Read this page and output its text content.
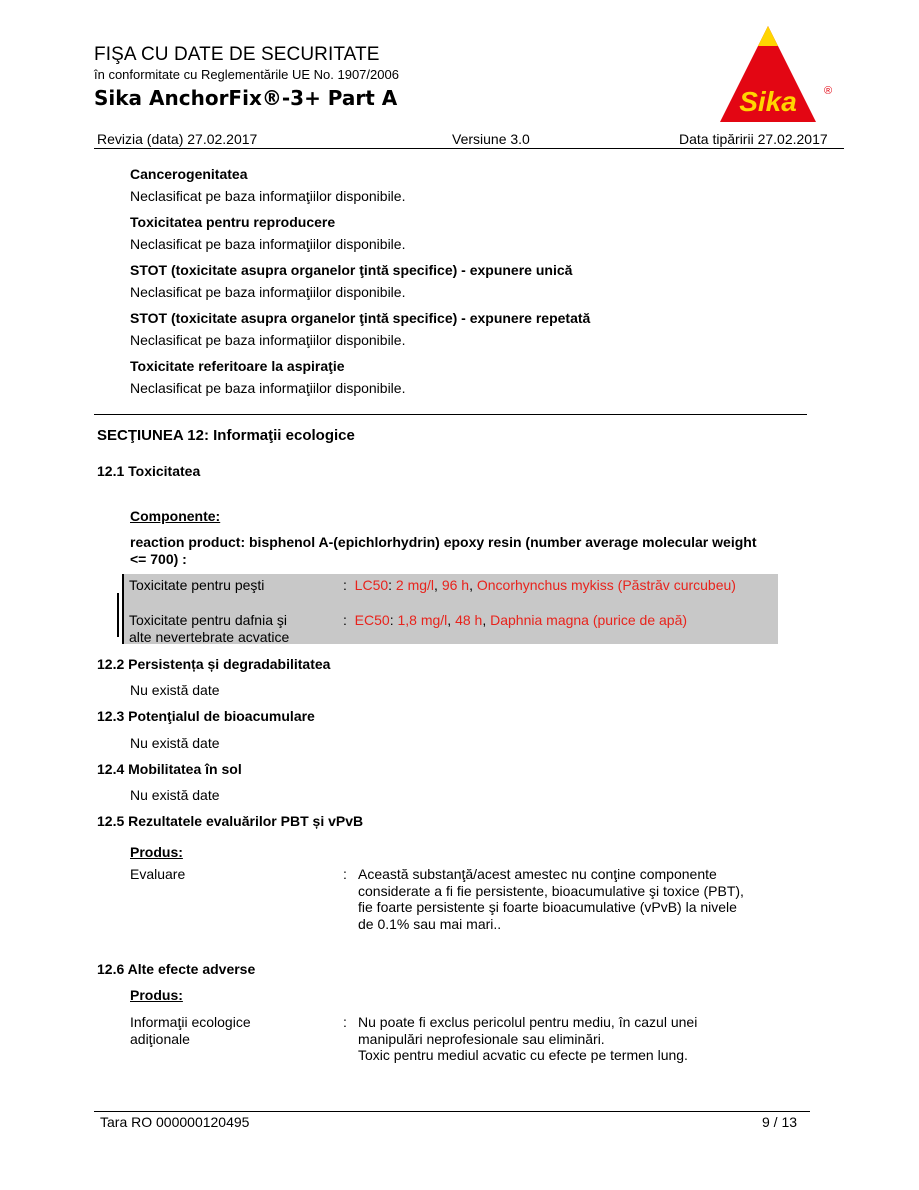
FIŞA CU DATE DE SECURITATE
în conformitate cu Reglementările UE No. 1907/2006
Sika AnchorFix®-3+ Part A	Sika ®
Revizia (data) 27.02.2017	Versiune 3.0	Data tipăririi 27.02.2017
Cancerogenitatea
Neclasificat pe baza informaţiilor disponibile.
Toxicitatea pentru reproducere
Neclasificat pe baza informaţiilor disponibile.
STOT (toxicitate asupra organelor ţintă specifice) - expunere unică
Neclasificat pe baza informaţiilor disponibile.
STOT (toxicitate asupra organelor ţintă specifice) - expunere repetată
Neclasificat pe baza informaţiilor disponibile.
Toxicitate referitoare la aspiraţie
Neclasificat pe baza informaţiilor disponibile.
SECŢIUNEA 12: Informaţii ecologice
12.1 Toxicitatea
Componente:
reaction product: bisphenol A-(epichlorhydrin) epoxy resin (number average molecular weight
<= 700) :
Toxicitate pentru peşti	:  LC50: 2 mg/l, 96 h, Oncorhynchus mykiss (Păstrăv curcubeu)
Toxicitate pentru dafnia şi
alte nevertebrate acvatice
:  EC50: 1,8 mg/l, 48 h, Daphnia magna (purice de apă)
12.2 Persistența și degradabilitatea
Nu există date
12.3 Potenţialul de bioacumulare
Nu există date
12.4 Mobilitatea în sol
Nu există date
12.5 Rezultatele evaluărilor PBT și vPvB
Produs:
Evaluare	: Această substanţă/acest amestec nu conţine componente
considerate a fi fie persistente, bioacumulative şi toxice (PBT),
fie foarte persistente şi foarte bioacumulative (vPvB) la nivele
de 0.1% sau mai mari..
12.6 Alte efecte adverse
Produs:
Informaţii ecologice
adiţionale
: Nu poate fi exclus pericolul pentru mediu, în cazul unei
manipulări neprofesionale sau eliminări.
Toxic pentru mediul acvatic cu efecte pe termen lung.
Tara RO 000000120495	9 / 13
